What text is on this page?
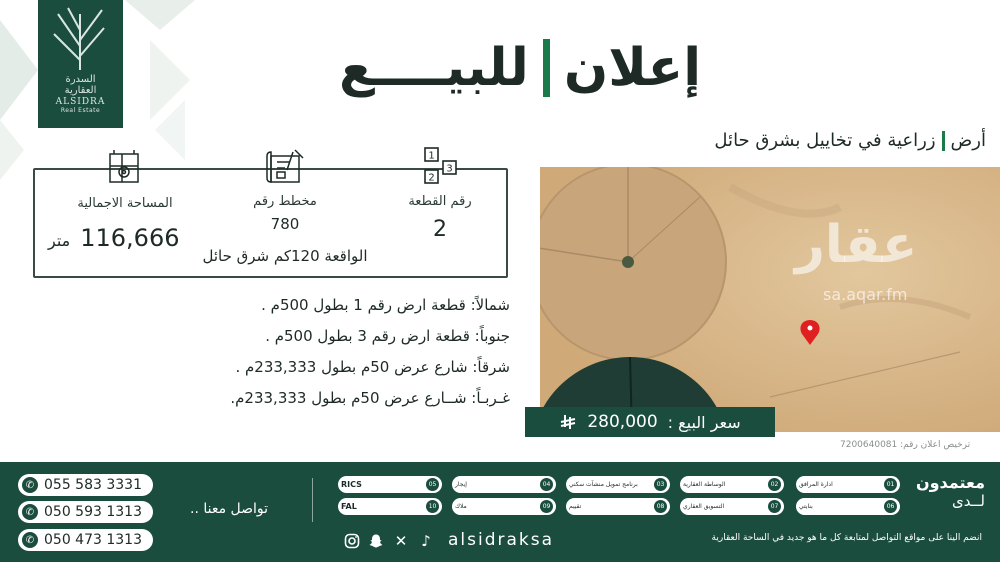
السدرة
العقارية
ALSIDRA
Real Estate
إعلان
للبيــــع
أرض
زراعية في تخاييل بشرق حائل
1
2
3
رقم القطعة
2
مخطط رقم
780
الواقعة 120كم شرق حائل
المساحة الاجمالية
116,666
متر
شمالاً: قطعة ارض رقم 1 بطول 500م .
جنوباً: قطعة ارض رقم 3 بطول 500م .
شرقاً: شارع عرض 50م بطول 233,333م .
غـربـاً: شــارع عرض 50م بطول 233,333م.
عقار
sa.aqar.fm
سعر البيع :
280,000
ترخيص اعلان رقم: 7200640081
✆ 055 583 3331
✆ 050 593 1313
✆ 050 473 1313
تواصل معنا ..
معتمدون
لــدى
01
ادارة المرافق
02
الوساطة العقارية
03
برنامج تمويل منشآت سكني
04
إيجار
05
RICS
06
بنايتي
07
التسويق العقاري
08
تقييم
09
ملاك
10
FAL
✕ ♪ alsidraksa	انضم الينا على مواقع التواصل لمتابعة كل ما هو جديد في الساحة العقارية
